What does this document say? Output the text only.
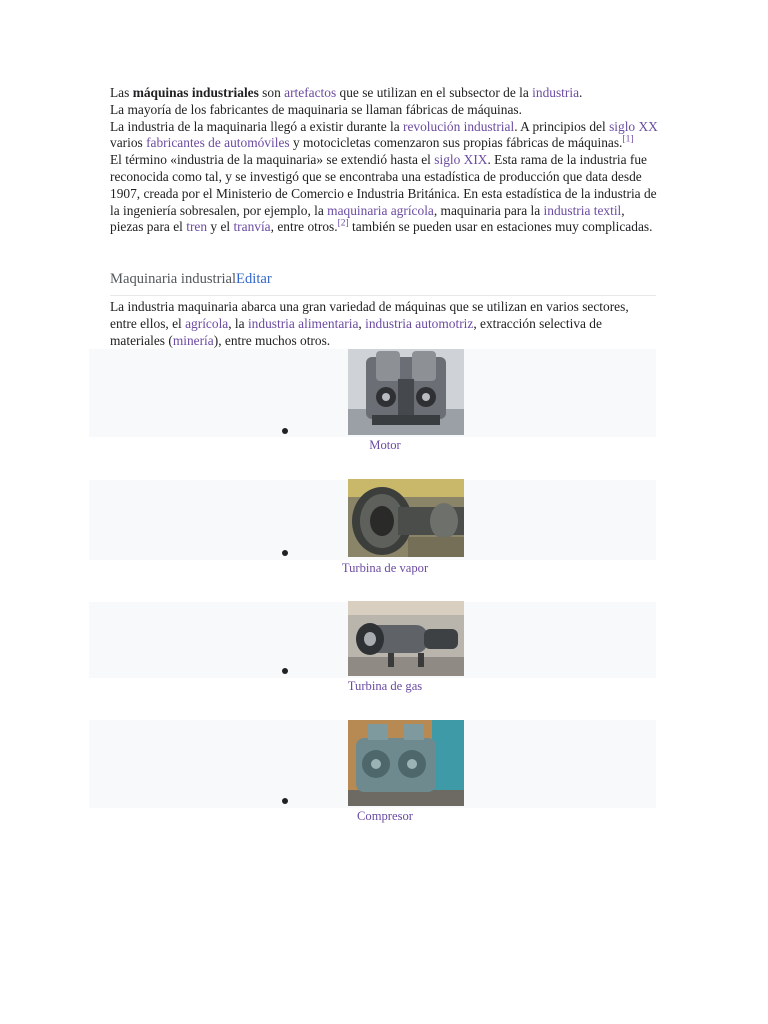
Las máquinas industriales son artefactos que se utilizan en el subsector de la industria.
La mayoría de los fabricantes de maquinaria se llaman fábricas de máquinas.
La industria de la maquinaria llegó a existir durante la revolución industrial. A principios del siglo XX varios fabricantes de automóviles y motocicletas comenzaron sus propias fábricas de máquinas.[1]
El término «industria de la maquinaria» se extendió hasta el siglo XIX. Esta rama de la industria fue reconocida como tal, y se investigó que se encontraba una estadística de producción que data desde 1907, creada por el Ministerio de Comercio e Industria Británica. En esta estadística de la industria de la ingeniería sobresalen, por ejemplo, la maquinaria agrícola, maquinaria para la industria textil, piezas para el tren y el tranvía, entre otros.[2] también se pueden usar en estaciones muy complicadas.

Maquinaria industrialEditar
La industria maquinaria abarca una gran variedad de máquinas que se utilizan en varios sectores, entre ellos, el agrícola, la industria alimentaria, industria automotriz, extracción selectiva de materiales (minería), entre muchos otros.
Motor
Turbina de vapor
Turbina de gas
Compresor
